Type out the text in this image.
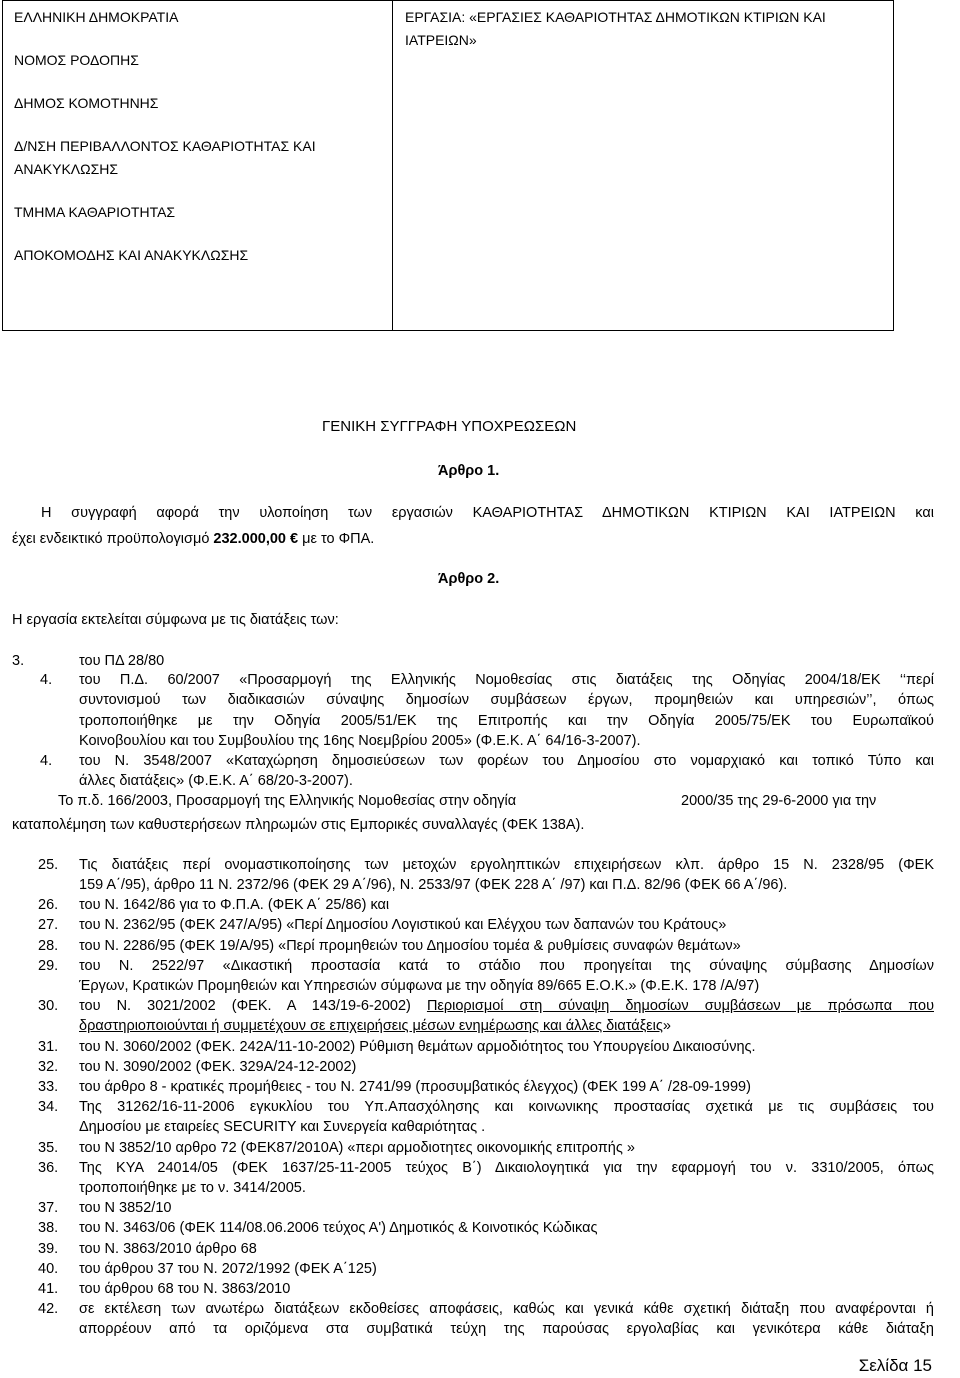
ΕΛΛΗΝΙΚΗ ΔΗΜΟΚΡΑΤΙΑ
ΝΟΜΟΣ ΡΟΔΟΠΗΣ
ΔΗΜΟΣ ΚΟΜΟΤΗΝΗΣ
Δ/ΝΣΗ ΠΕΡΙΒΑΛΛΟΝΤΟΣ ΚΑΘΑΡΙΟΤΗΤΑΣ ΚΑΙ
ΑΝΑΚΥΚΛΩΣΗΣ
ΤΜΗΜΑ ΚΑΘΑΡΙΟΤΗΤΑΣ
ΑΠΟΚΟΜΟΔΗΣ ΚΑΙ ΑΝΑΚΥΚΛΩΣΗΣ
ΕΡΓΑΣΙΑ: «ΕΡΓΑΣΙΕΣ ΚΑΘΑΡΙΟΤΗΤΑΣ ΔΗΜΟΤΙΚΩΝ ΚΤΙΡΙΩΝ ΚΑΙ
ΙΑΤΡΕΙΩΝ»
ΓΕΝΙΚΗ ΣΥΓΓΡΑΦΗ ΥΠΟΧΡΕΩΣΕΩΝ
Άρθρο 1.
Η συγγραφή αφορά την υλοποίηση των εργασιών ΚΑΘΑΡΙΟΤΗΤΑΣ ΔΗΜΟΤΙΚΩΝ ΚΤΙΡΙΩΝ ΚΑΙ ΙΑΤΡΕΙΩΝ και
έχει ενδεικτικό προϋπολογισμό 232.000,00 € με το ΦΠΑ.
Άρθρο 2.
Η εργασία εκτελείται σύμφωνα με τις διατάξεις των:
3.	του ΠΔ 28/80
4. του Π.Δ. 60/2007 «Προσαρμογή της Ελληνικής Νομοθεσίας στις διατάξεις της Οδηγίας 2004/18/ΕΚ ‘‘περί
συντονισμού των διαδικασιών σύναψης δημοσίων συμβάσεων έργων, προμηθειών και υπηρεσιών’’, όπως
τροποποιήθηκε με την Οδηγία 2005/51/ΕΚ της Επιτροπής και την Οδηγία 2005/75/ΕΚ του Ευρωπαϊκού
Κοινοβουλίου και του Συμβουλίου της 16ης Νοεμβρίου 2005» (Φ.Ε.Κ. Α΄ 64/16-3-2007).
4. του Ν. 3548/2007 «Καταχώρηση δημοσιεύσεων των φορέων του Δημοσίου στο νομαρχιακό και τοπικό Τύπο και
άλλες διατάξεις» (Φ.Ε.Κ. Α΄ 68/20-3-2007).
Το π.δ. 166/2003, Προσαρμογή της Ελληνικής Νομοθεσίας στην οδηγία	2000/35 της 29-6-2000 για την
καταπολέμηση των καθυστερήσεων πληρωμών στις Εμπορικές συναλλαγές (ΦΕΚ 138Α).
25. Τις διατάξεις περί ονομαστικοποίησης των μετοχών εργοληπτικών επιχειρήσεων κλπ. άρθρο 15 Ν. 2328/95 (ΦΕΚ
159 Α΄/95), άρθρο 11 Ν. 2372/96 (ΦΕΚ 29 Α΄/96), Ν. 2533/97 (ΦΕΚ 228 Α΄ /97) και Π.Δ. 82/96 (ΦΕΚ 66 Α΄/96).
26. του Ν. 1642/86 για το Φ.Π.Α. (ΦΕΚ Α΄ 25/86) και
27. του Ν. 2362/95 (ΦΕΚ 247/Α/95) «Περί Δημοσίου Λογιστικού και Ελέγχου των δαπανών του Κράτους»
28. του Ν. 2286/95 (ΦΕΚ 19/Α/95) «Περί προμηθειών του Δημοσίου τομέα & ρυθμίσεις συναφών θεμάτων»
29. του Ν. 2522/97 «Δικαστική προστασία κατά το στάδιο που προηγείται της σύναψης σύμβασης Δημοσίων
Έργων, Κρατικών Προμηθειών και Υπηρεσιών σύμφωνα με την οδηγία 89/665 Ε.Ο.Κ.» (Φ.Ε.Κ. 178 /Α/97)
30. του Ν. 3021/2002 (ΦΕΚ. Α 143/19-6-2002) Περιορισμοί στη σύναψη δημοσίων συμβάσεων με πρόσωπα που
δραστηριοποιούνται ή συμμετέχουν σε επιχειρήσεις μέσων ενημέρωσης και άλλες διατάξεις»
31. του Ν. 3060/2002 (ΦΕΚ. 242Α/11-10-2002) Ρύθμιση θεμάτων αρμοδιότητος του Υπουργείου Δικαιοσύνης.
32. του Ν. 3090/2002 (ΦΕΚ. 329Α/24-12-2002)
33. του άρθρο 8 - κρατικές προμήθειες - του Ν. 2741/99 (προσυμβατικός έλεγχος) (ΦΕΚ 199 Α΄ /28-09-1999)
34. Της 31262/16-11-2006 εγκυκλίου του Υπ.Απασχόλησης και κοινωνικης προστασίας σχετικά με τις συμβάσεις του
Δημοσίου με εταιρείες SECURITY και Συνεργεία καθαριότητας .
35. του Ν 3852/10 αρθρο 72 (ΦΕΚ87/2010Α) «περι αρμοδιοτητες οικονομικής επιτροπής »
36. Της ΚΥΑ 24014/05 (ΦΕΚ 1637/25-11-2005 τεύχος Β΄) Δικαιολογητικά για την εφαρμογή του ν. 3310/2005, όπως
τροποποιήθηκε με το ν. 3414/2005.
37. του Ν 3852/10
38. του Ν. 3463/06 (ΦΕΚ 114/08.06.2006 τεύχος Α') Δημοτικός & Κοινοτικός Κώδικας
39. του Ν. 3863/2010 άρθρο 68
40. του άρθρου 37 του Ν. 2072/1992 (ΦΕΚ Α΄125)
41. του άρθρου 68 του Ν. 3863/2010
42. σε εκτέλεση των ανωτέρω διατάξεων εκδοθείσες αποφάσεις, καθώς και γενικά κάθε σχετική διάταξη που αναφέρονται ή
απορρέουν από τα οριζόμενα στα συμβατικά τεύχη της παρούσας εργολαβίας και γενικότερα κάθε διάταξη
Σελίδα 15
